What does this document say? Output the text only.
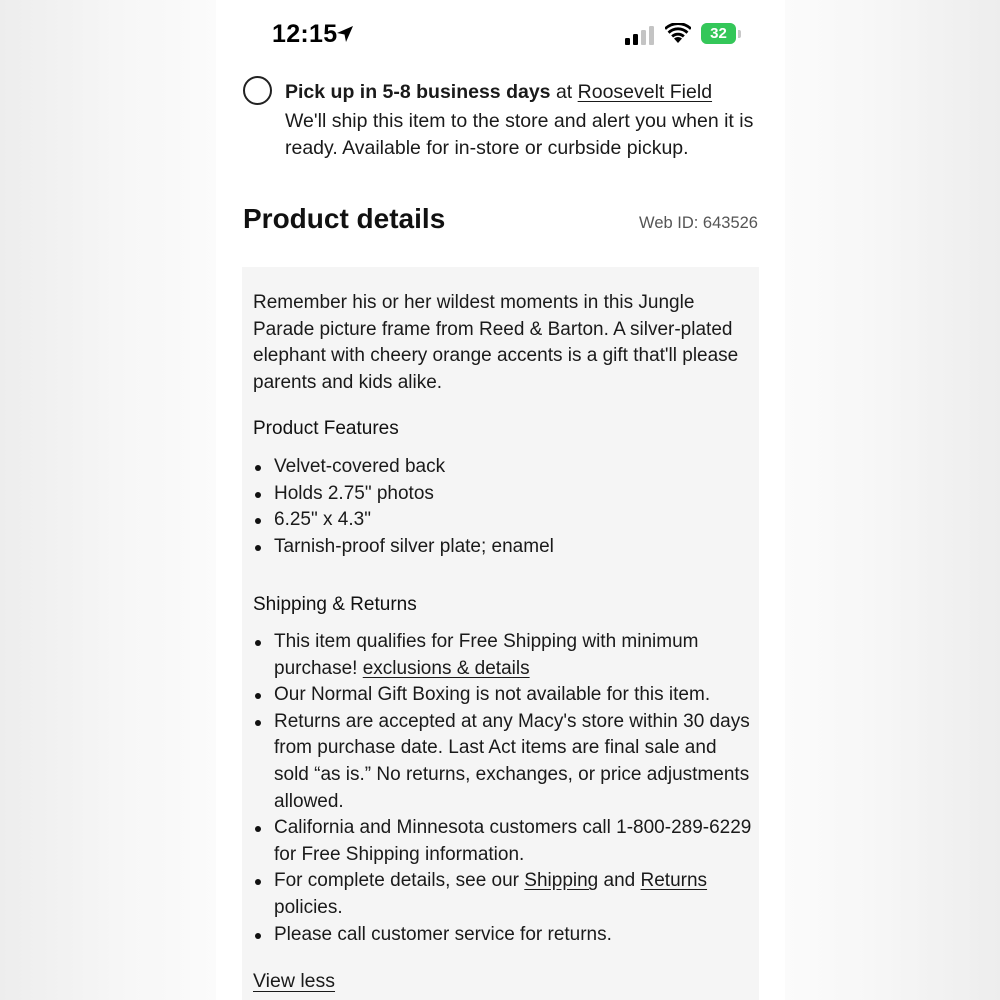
12:15	32
Pick up in 5-8 business days at Roosevelt Field
We'll ship this item to the store and alert you when it is ready. Available for in-store or curbside pickup.
Product details	Web ID: 643526
Remember his or her wildest moments in this Jungle Parade picture frame from Reed & Barton. A silver-plated elephant with cheery orange accents is a gift that'll please parents and kids alike.
Product Features
Velvet-covered back
Holds 2.75" photos
6.25" x 4.3"
Tarnish-proof silver plate; enamel
Shipping & Returns
This item qualifies for Free Shipping with minimum purchase! exclusions & details
Our Normal Gift Boxing is not available for this item.
Returns are accepted at any Macy's store within 30 days from purchase date. Last Act items are final sale and sold “as is.” No returns, exchanges, or price adjustments allowed.
California and Minnesota customers call 1-800-289-6229 for Free Shipping information.
For complete details, see our Shipping and Returns policies.
Please call customer service for returns.
View less
